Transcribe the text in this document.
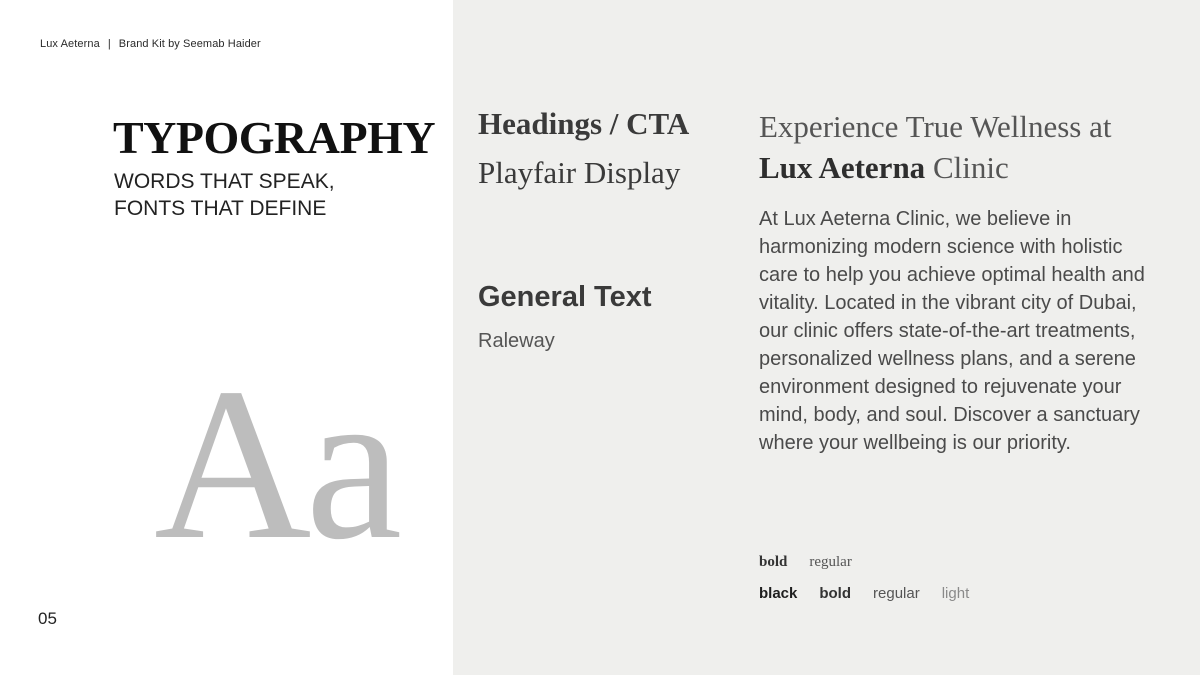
Lux Aeterna | Brand Kit by Seemab Haider
TYPOGRAPHY
WORDS THAT SPEAK,
FONTS THAT DEFINE
Aa
05
Headings / CTA
Playfair Display
General Text
Raleway
Experience True Wellness at
Lux Aeterna Clinic
At Lux Aeterna Clinic, we believe in harmonizing modern science with holistic care to help you achieve optimal health and vitality. Located in the vibrant city of Dubai, our clinic offers state-of-the-art treatments, personalized wellness plans, and a serene environment designed to rejuvenate your mind, body, and soul. Discover a sanctuary where your wellbeing is our priority.
bold regular
black bold regular light
